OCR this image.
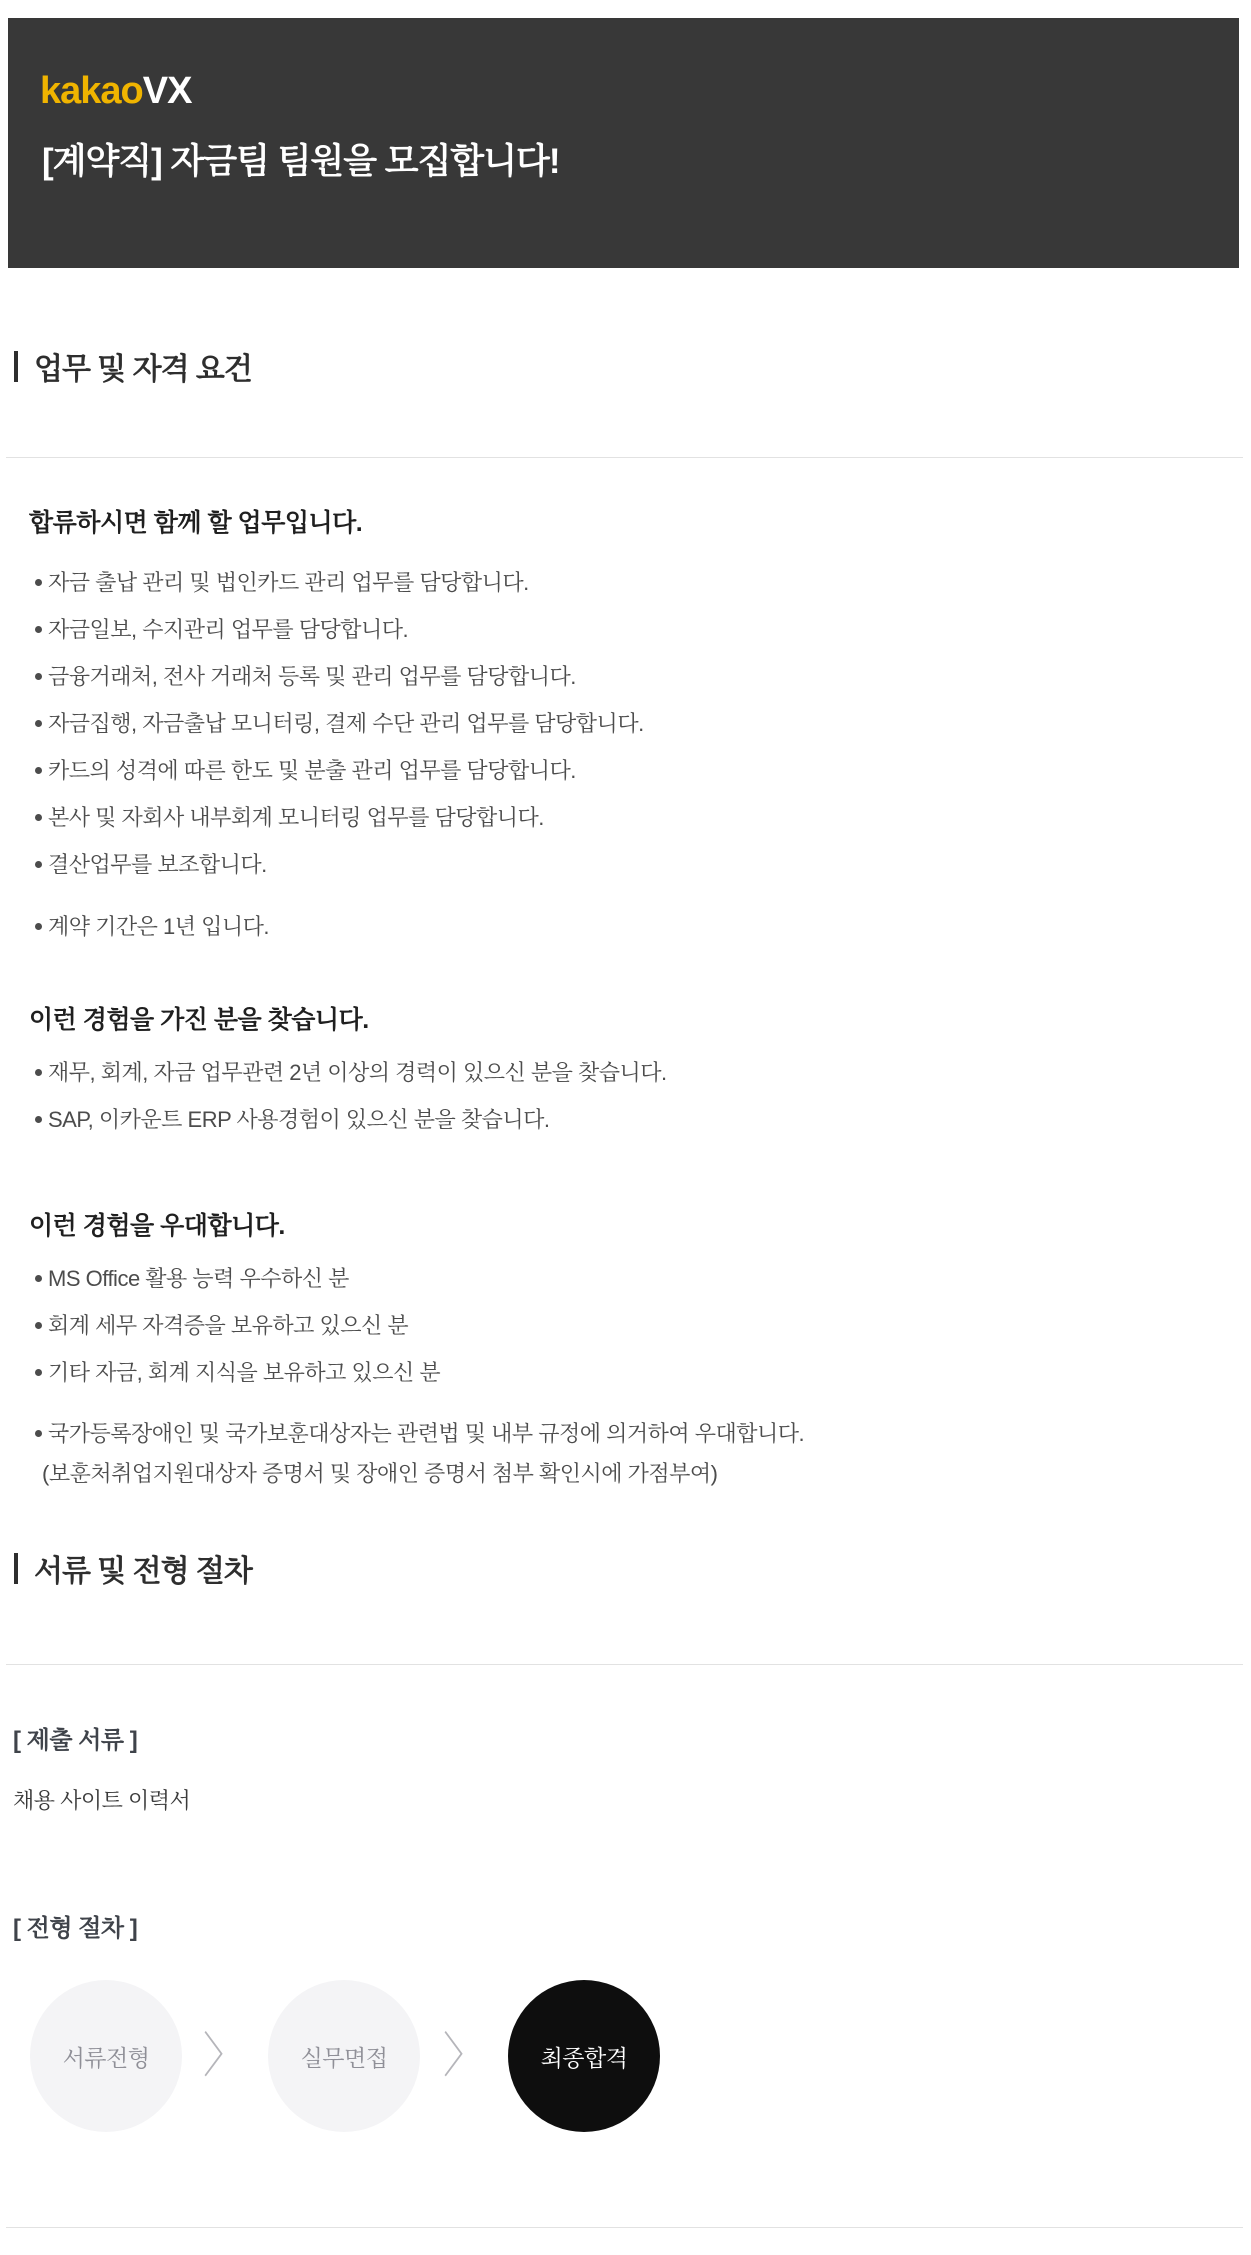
kakaoVX
[계약직] 자금팀 팀원을 모집합니다!
업무 및 자격 요건
합류하시면 함께 할 업무입니다.
자금 출납 관리 및 법인카드 관리 업무를 담당합니다.
자금일보, 수지관리 업무를 담당합니다.
금융거래처, 전사 거래처 등록 및 관리 업무를 담당합니다.
자금집행, 자금출납 모니터링, 결제 수단 관리 업무를 담당합니다.
카드의 성격에 따른 한도 및 분출 관리 업무를 담당합니다.
본사 및 자회사 내부회계 모니터링 업무를 담당합니다.
결산업무를 보조합니다.
계약 기간은 1년 입니다.
이런 경험을 가진 분을 찾습니다.
재무, 회계, 자금 업무관련 2년 이상의 경력이 있으신 분을 찾습니다.
SAP, 이카운트 ERP 사용경험이 있으신 분을 찾습니다.
이런 경험을 우대합니다.
MS Office 활용 능력 우수하신 분
회계 세무 자격증을 보유하고 있으신 분
기타 자금, 회계 지식을 보유하고 있으신 분
국가등록장애인 및 국가보훈대상자는 관련법 및 내부 규정에 의거하여 우대합니다.
(보훈처취업지원대상자 증명서 및 장애인 증명서 첨부 확인시에 가점부여)
서류 및 전형 절차
[ 제출 서류 ]
채용 사이트 이력서
[ 전형 절차 ]
서류전형 〉 실무면접 〉 최종합격
